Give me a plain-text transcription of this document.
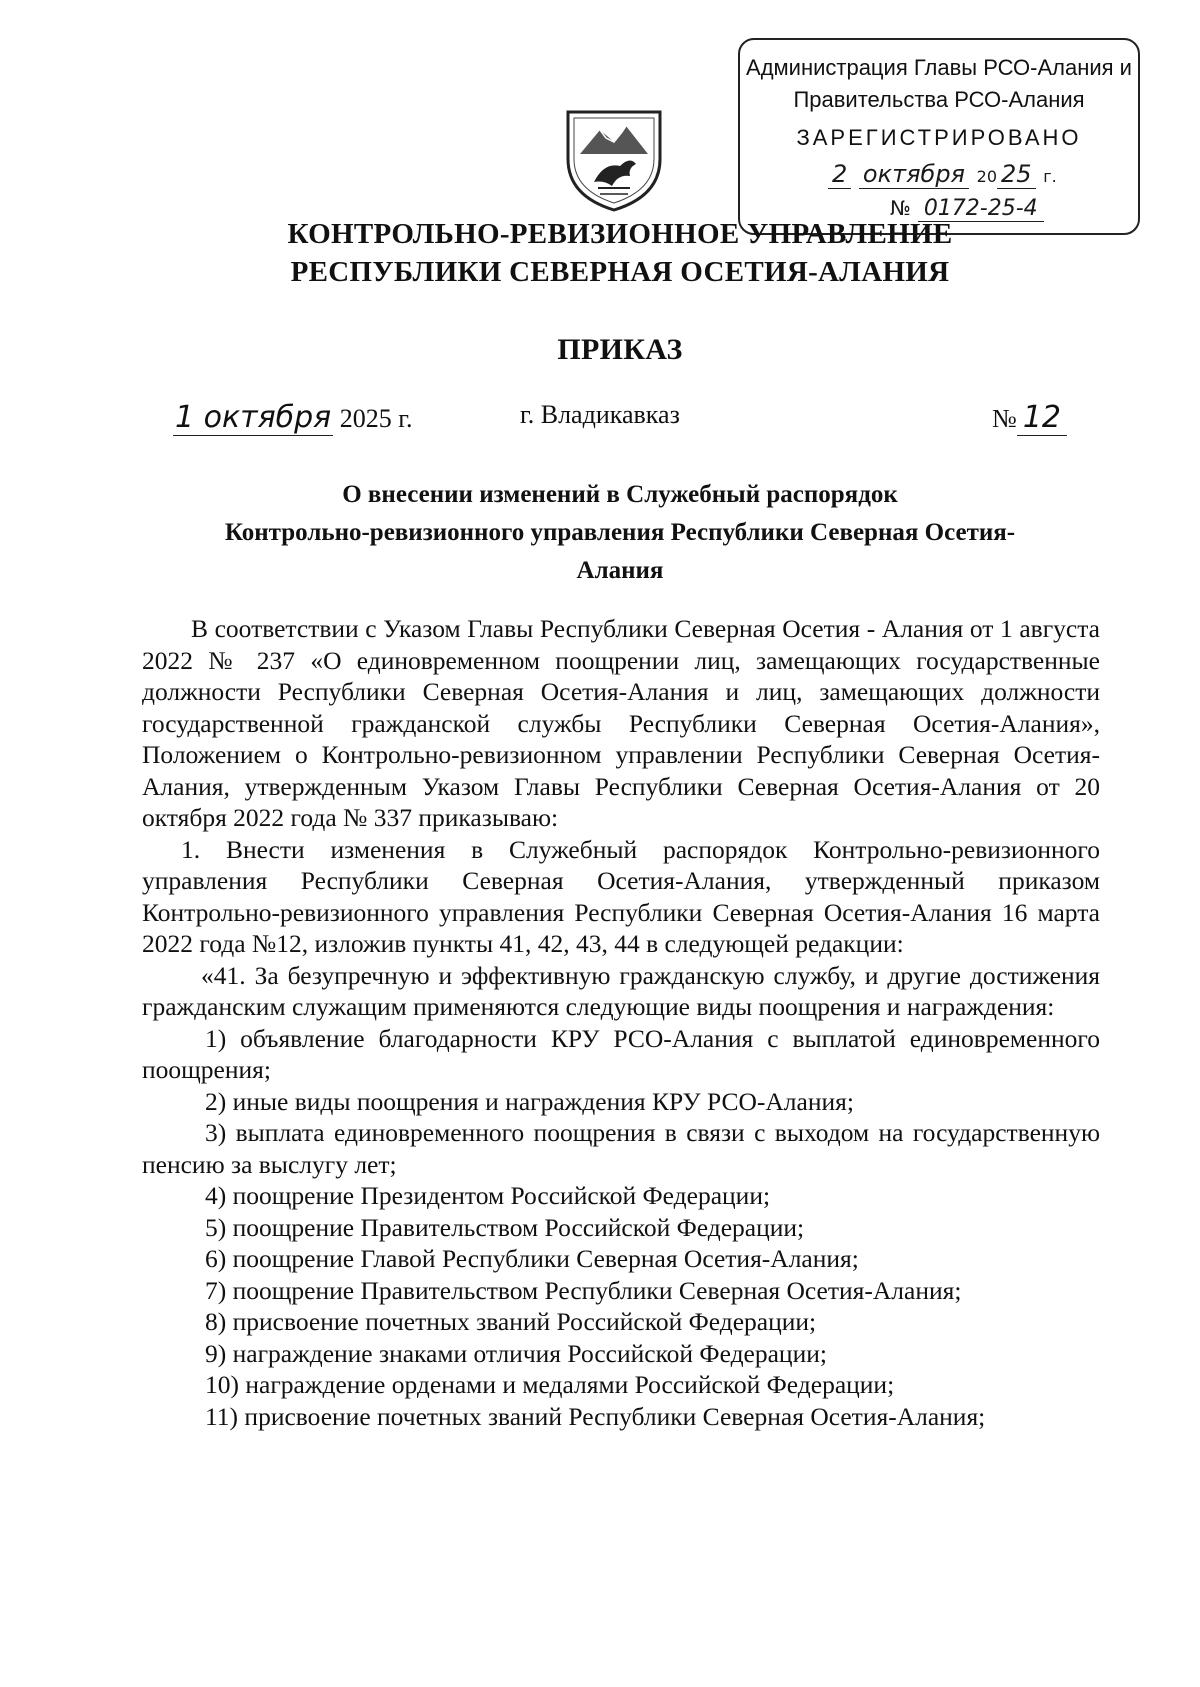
Администрация Главы РСО-Алания и
Правительства РСО-Алания
ЗАРЕГИСТРИРОВАНО
2 октября 20 25 г.
№ 0172-25-4
КОНТРОЛЬНО-РЕВИЗИОННОЕ УПРАВЛЕНИЕ
РЕСПУБЛИКИ СЕВЕРНАЯ ОСЕТИЯ-АЛАНИЯ
ПРИКАЗ
1 октября 2025 г.	г. Владикавказ	№ 12
О внесении изменений в Служебный распорядок
Контрольно-ревизионного управления Республики Северная Осетия-
Алания

В соответствии с Указом Главы Республики Северная Осетия - Алания от 1 августа 2022 № 237 «О единовременном поощрении лиц, замещающих государственные должности Республики Северная Осетия-Алания и лиц, замещающих должности государственной гражданской службы Республики Северная Осетия-Алания», Положением о Контрольно-ревизионном управлении Республики Северная Осетия-Алания, утвержденным Указом Главы Республики Северная Осетия-Алания от 20 октября 2022 года № 337 приказываю:

1. Внести изменения в Служебный распорядок Контрольно-ревизионного управления Республики Северная Осетия-Алания, утвержденный приказом Контрольно-ревизионного управления Республики Северная Осетия-Алания 16 марта 2022 года №12, изложив пункты 41, 42, 43, 44 в следующей редакции:

«41. За безупречную и эффективную гражданскую службу, и другие достижения гражданским служащим применяются следующие виды поощрения и награждения:

1) объявление благодарности КРУ РСО-Алания с выплатой единовременного поощрения;

2) иные виды поощрения и награждения КРУ РСО-Алания;

3) выплата единовременного поощрения в связи с выходом на государственную пенсию за выслугу лет;

4) поощрение Президентом Российской Федерации;

5) поощрение Правительством Российской Федерации;

6) поощрение Главой Республики Северная Осетия-Алания;

7) поощрение Правительством Республики Северная Осетия-Алания;

8) присвоение почетных званий Российской Федерации;

9) награждение знаками отличия Российской Федерации;

10) награждение орденами и медалями Российской Федерации;

11) присвоение почетных званий Республики Северная Осетия-Алания;
